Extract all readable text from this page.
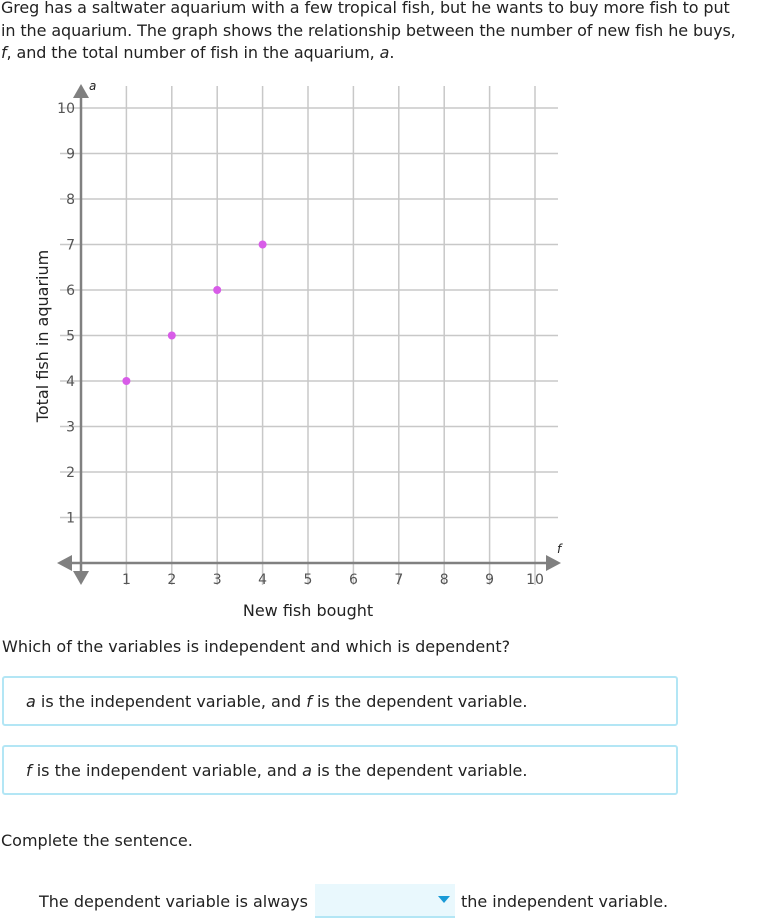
Greg has a saltwater aquarium with a few tropical fish, but he wants to buy more fish to put
in the aquarium. The graph shows the relationship between the number of new fish he buys,
f, and the total number of fish in the aquarium, a.
1	2	3	4	5	6	7	8	9 10
1
2
3
4
5
6
7
8
9
10
New fish bought
Total fish in aquarium
f
a
Which of the variables is independent and which is dependent?
a is the independent variable, and f is the dependent variable.
f is the independent variable, and a is the dependent variable.
Complete the sentence.
The dependent variable is always	the independent variable.
